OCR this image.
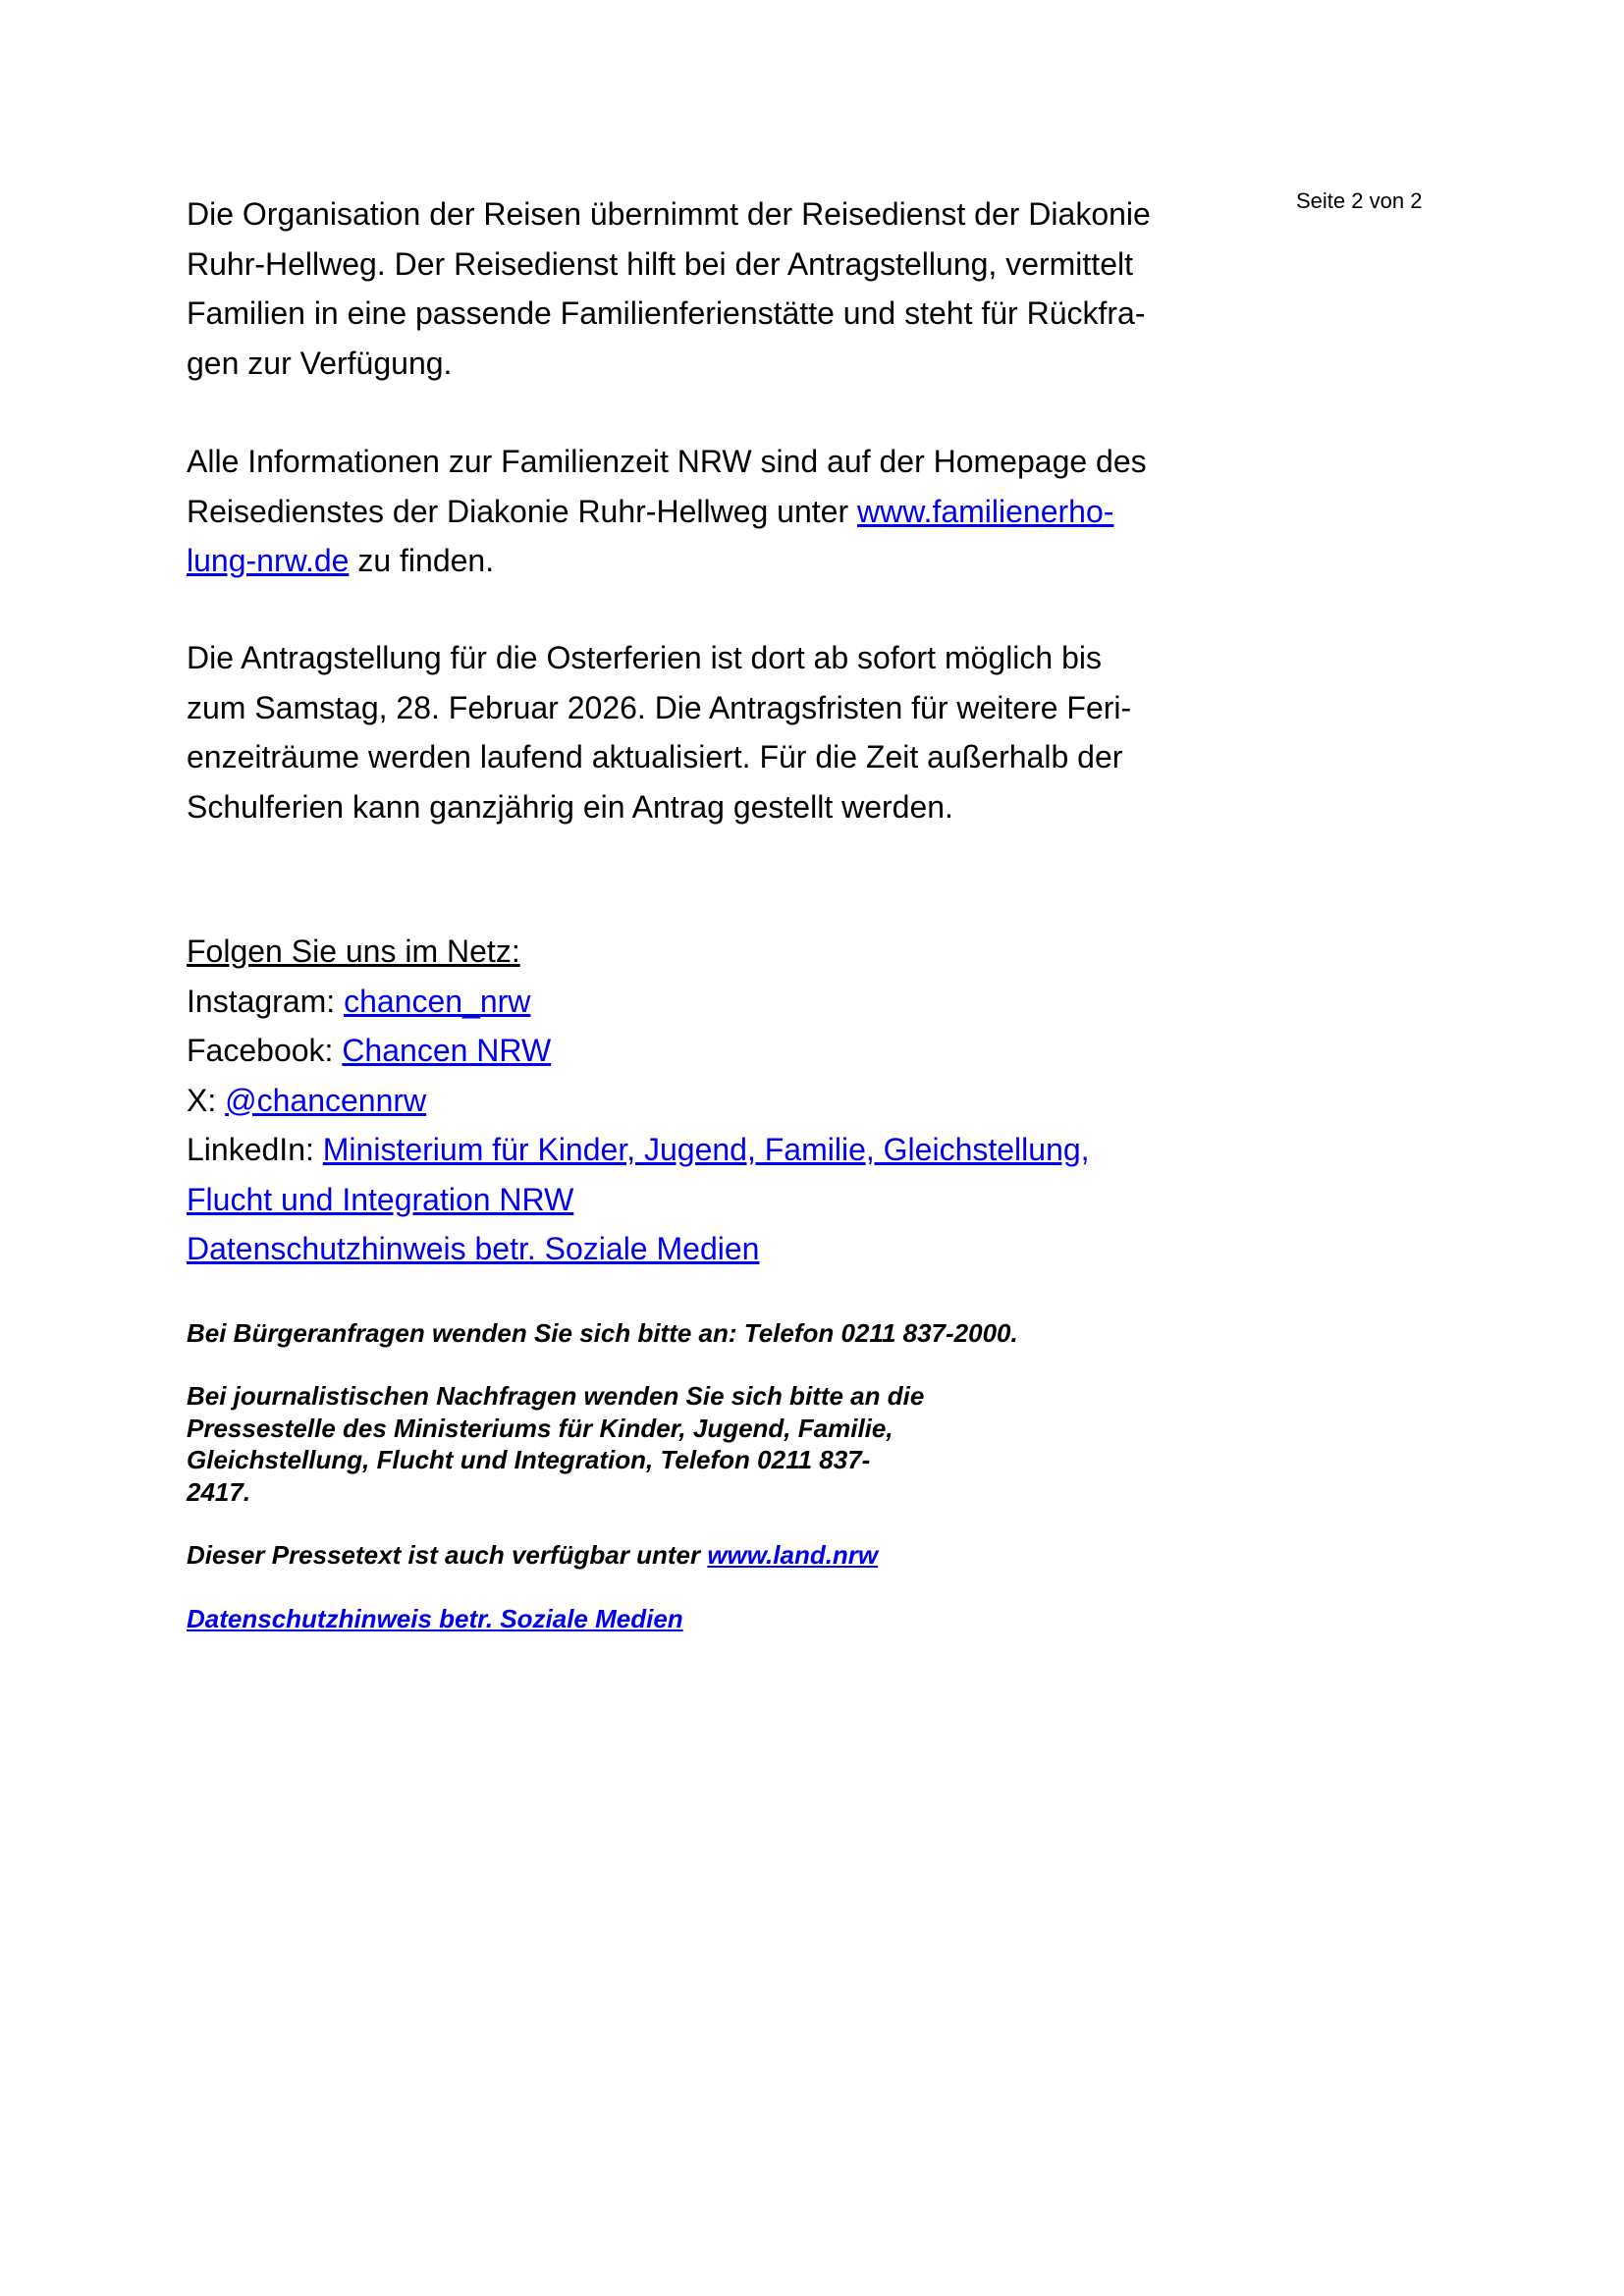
Seite 2 von 2
Die Organisation der Reisen übernimmt der Reisedienst der Diakonie
Ruhr-Hellweg. Der Reisedienst hilft bei der Antragstellung, vermittelt
Familien in eine passende Familienferienstätte und steht für Rückfra-
gen zur Verfügung.
Alle Informationen zur Familienzeit NRW sind auf der Homepage des
Reisedienstes der Diakonie Ruhr-Hellweg unter www.familienerho-
lung-nrw.de zu finden.
Die Antragstellung für die Osterferien ist dort ab sofort möglich bis
zum Samstag, 28. Februar 2026. Die Antragsfristen für weitere Feri-
enzeiträume werden laufend aktualisiert. Für die Zeit außerhalb der
Schulferien kann ganzjährig ein Antrag gestellt werden.
Folgen Sie uns im Netz:
Instagram: chancen_nrw
Facebook: Chancen NRW
X: @chancennrw
LinkedIn: Ministerium für Kinder, Jugend, Familie, Gleichstellung,
Flucht und Integration NRW
Datenschutzhinweis betr. Soziale Medien

Bei Bürgeranfragen wenden Sie sich bitte an: Telefon 0211 837-2000.

Bei journalistischen Nachfragen wenden Sie sich bitte an die
Pressestelle des Ministeriums für Kinder, Jugend, Familie,
Gleichstellung, Flucht und Integration, Telefon 0211 837-
2417.
Dieser Pressetext ist auch verfügbar unter www.land.nrw
Datenschutzhinweis betr. Soziale Medien
